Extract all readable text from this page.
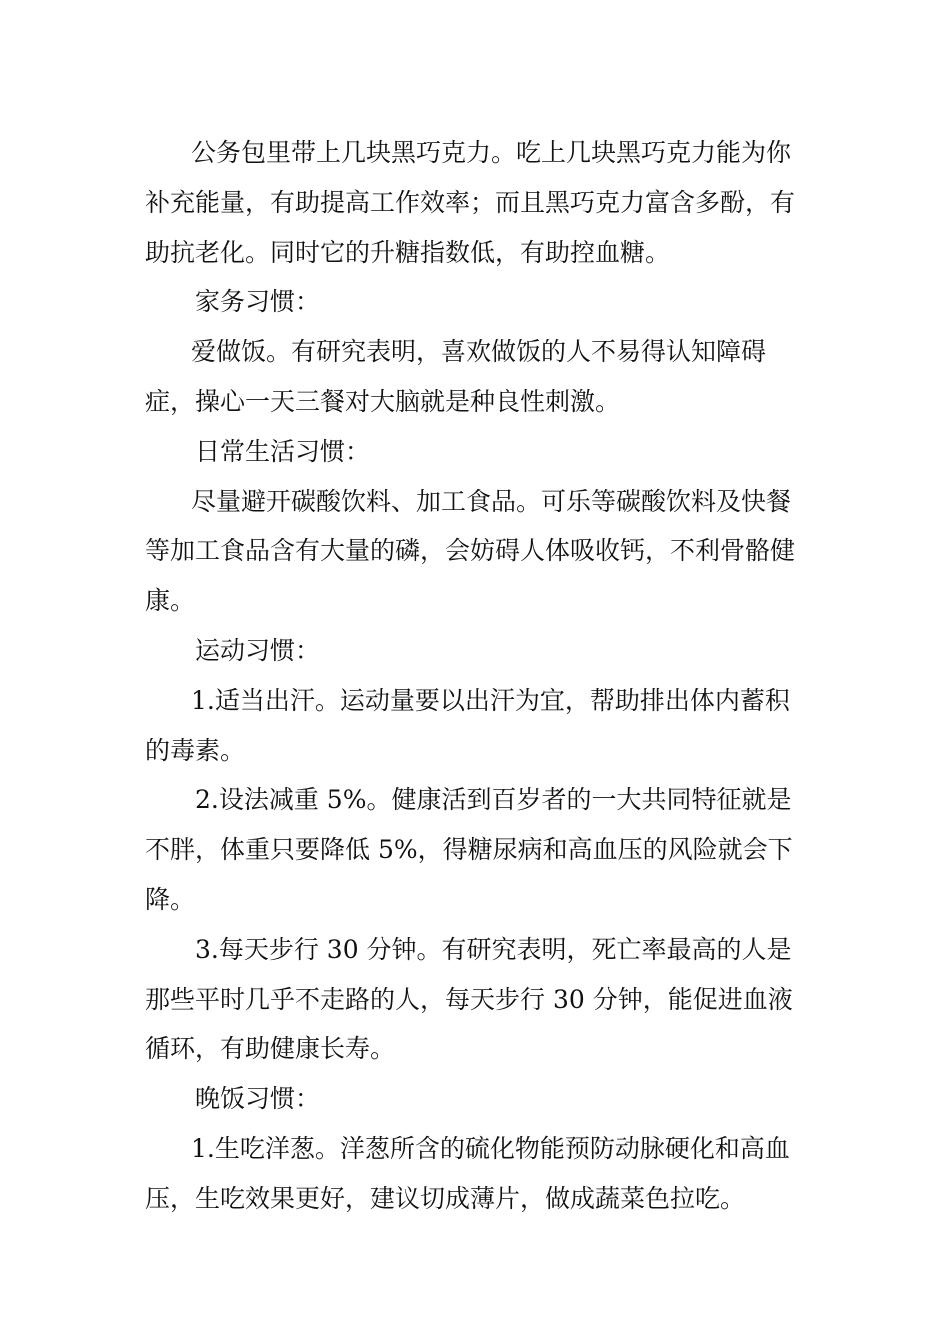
公务包里带上几块黑巧克力。吃上几块黑巧克力能为你补充能量，有助提高工作效率；而且黑巧克力富含多酚，有助抗老化。同时它的升糖指数低，有助控血糖。

家务习惯：

爱做饭。有研究表明，喜欢做饭的人不易得认知障碍症，操心一天三餐对大脑就是种良性刺激。

日常生活习惯：

尽量避开碳酸饮料、加工食品。可乐等碳酸饮料及快餐等加工食品含有大量的磷，会妨碍人体吸收钙，不利骨骼健康。

运动习惯：

1.适当出汗。运动量要以出汗为宜，帮助排出体内蓄积的毒素。

2.设法减重 5%。健康活到百岁者的一大共同特征就是不胖，体重只要降低 5%，得糖尿病和高血压的风险就会下降。

3.每天步行 30 分钟。有研究表明，死亡率最高的人是那些平时几乎不走路的人，每天步行 30 分钟，能促进血液循环，有助健康长寿。

晚饭习惯：

1.生吃洋葱。洋葱所含的硫化物能预防动脉硬化和高血压，生吃效果更好，建议切成薄片，做成蔬菜色拉吃。
